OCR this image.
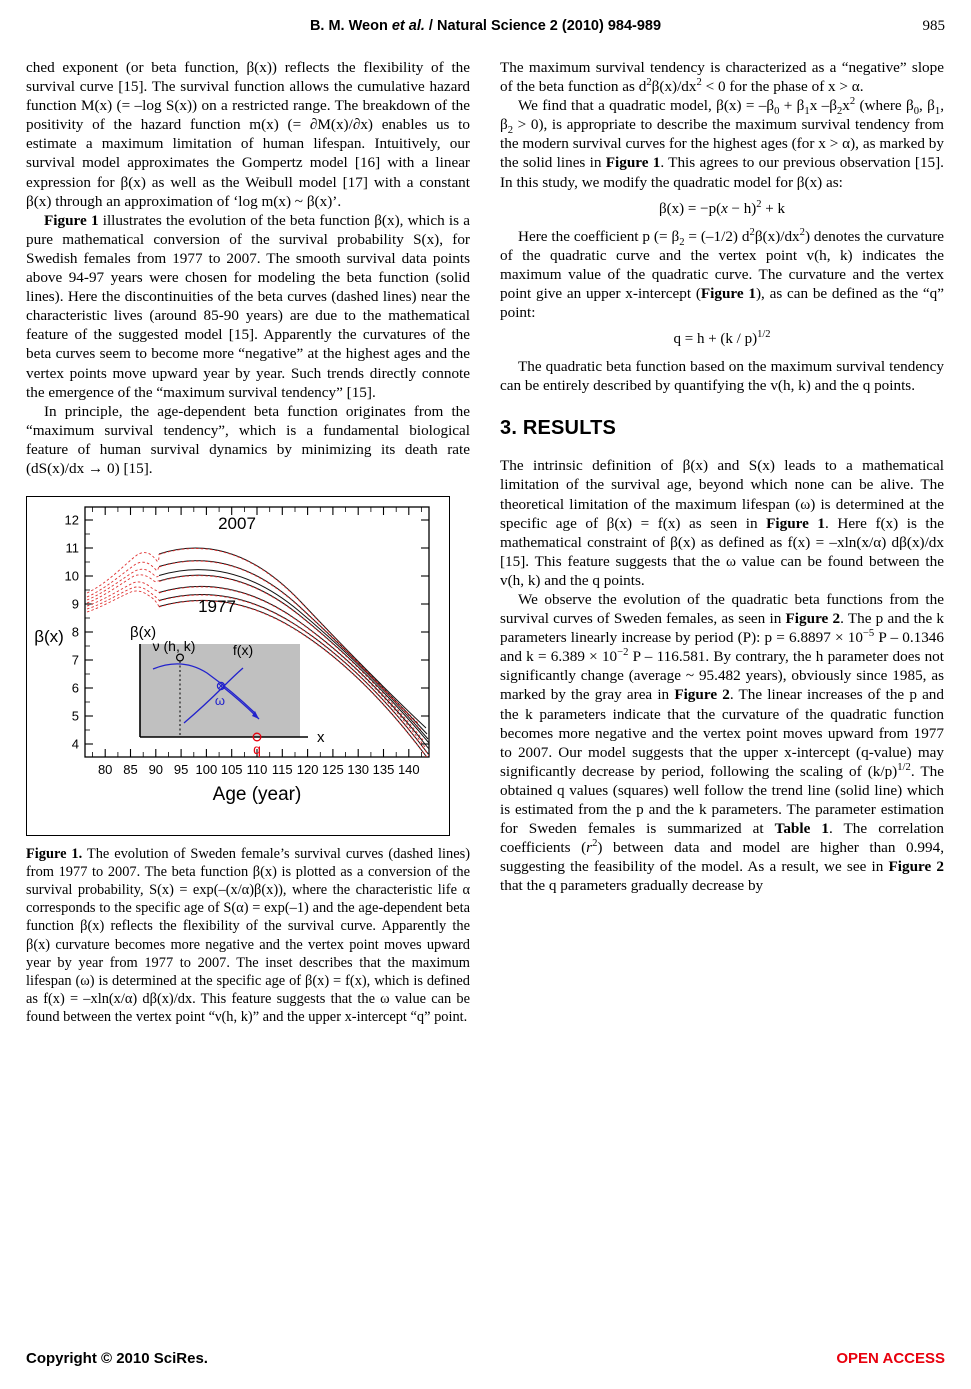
B. M. Weon et al. / Natural Science 2 (2010) 984-989	985

ched exponent (or beta function, β(x)) reflects the flexibility of the survival curve [15]. The survival function allows the cumulative hazard function M(x) (= –log S(x)) on a restricted range. The breakdown of the positivity of the hazard function m(x) (= ∂M(x)/∂x) enables us to estimate a maximum limitation of human lifespan. Intuitively, our survival model approximates the Gompertz model [16] with a linear expression for β(x) as well as the Weibull model [17] with a constant β(x) through an approximation of ‘log m(x) ~ β(x)’.

Figure 1 illustrates the evolution of the beta function β(x), which is a pure mathematical conversion of the survival probability S(x), for Swedish females from 1977 to 2007. The smooth survival data points above 94-97 years were chosen for modeling the beta function (solid lines). Here the discontinuities of the beta curves (dashed lines) near the characteristic lives (around 85-90 years) are due to the mathematical feature of the suggested model [15]. Apparently the curvatures of the beta curves seem to become more “negative” at the highest ages and the vertex points move upward year by year. Such trends directly connote the emergence of the “maximum survival tendency” [15].

In principle, the age-dependent beta function originates from the “maximum survival tendency”, which is a fundamental biological feature of human survival dynamics by minimizing its death rate (dS(x)/dx → 0) [15].

4
5
6
7
8
9
10
11
12
β(x)
80 85 90 95 100 105 110 115 120 125 130 135 140
Age (year)
2007
1977
β(x)
x
ν (h, k)	f(x)
ω
q
Figure 1. The evolution of Sweden female’s survival curves (dashed lines) from 1977 to 2007. The beta function β(x) is plotted as a conversion of the survival probability, S(x) = exp(–(x/α)β(x)), where the characteristic life α corresponds to the specific age of S(α) = exp(–1) and the age-dependent beta function β(x) reflects the flexibility of the survival curve. Apparently the β(x) curvature becomes more negative and the vertex point moves upward year by year from 1977 to 2007. The inset describes that the maximum lifespan (ω) is determined at the specific age of β(x) = f(x), which is defined as f(x) = –xln(x/α) dβ(x)/dx. This feature suggests that the ω value can be found between the vertex point “ν(h, k)” and the upper x-intercept “q” point.

The maximum survival tendency is characterized as a “negative” slope of the beta function as $d^2\beta(x)/dx^2 < 0$ for the phase of x > α.

We find that a quadratic model, $\beta(x) = -\beta_0 + \beta_1x$ $-\beta_2x^2$ (where $\beta_0$, $\beta_1$, $\beta_2 > 0$), is appropriate to describe the maximum survival tendency from the modern survival curves for the highest ages (for x > α), as marked by the solid lines in Figure 1. This agrees to our previous observation [15]. In this study, we modify the quadratic model for β(x) as:

$\beta(x) = -p(x - h)^2 + k$

Here the coefficient p (= $\beta_2 = (-1/2)$ $d^2\beta(x)/dx^2$) denotes the curvature of the quadratic curve and the vertex point v(h, k) indicates the maximum value of the quadratic curve. The curvature and the vertex point give an upper x-intercept (Figure 1), as can be defined as the “q” point:

q = h + (k / p)$^{1/2}$

The quadratic beta function based on the maximum survival tendency can be entirely described by quantifying the v(h, k) and the q points.

3. RESULTS

The intrinsic definition of β(x) and S(x) leads to a mathematical limitation of the survival age, beyond which none can be alive. The theoretical limitation of the maximum lifespan (ω) is determined at the specific age of β(x) = f(x) as seen in Figure 1. Here f(x) is the mathematical constraint of β(x) as defined as f(x) = –xln(x/α) dβ(x)/dx [15]. This feature suggests that the ω value can be found between the v(h, k) and the q points.

We observe the evolution of the quadratic beta functions from the survival curves of Sweden females, as seen in Figure 2. The p and the k parameters linearly increase by period (P): $p = 6.8897 \times 10^{-5}$ P – 0.1346 and $k = 6.389 \times 10^{-2}$ P – 116.581. By contrary, the h parameter does not significantly change (average ~ 95.482 years), obviously since 1985, as marked by the gray area in Figure 2. The linear increases of the p and the k parameters indicate that the curvature of the quadratic function becomes more negative and the vertex point moves upward from 1977 to 2007. Our model suggests that the upper x-intercept (q-value) may significantly decrease by period, following the scaling of $(k/p)^{1/2}$. The obtained q values (squares) well follow the trend line (solid line) which is estimated from the p and the k parameters. The parameter estimation for Sweden females is summarized at Table 1. The correlation coefficients $(r^2)$ between data and model are higher than 0.994, suggesting the feasibility of the model. As a result, we see in Figure 2 that the q parameters gradually decrease by

Copyright © 2010 SciRes.	OPEN ACCESS
